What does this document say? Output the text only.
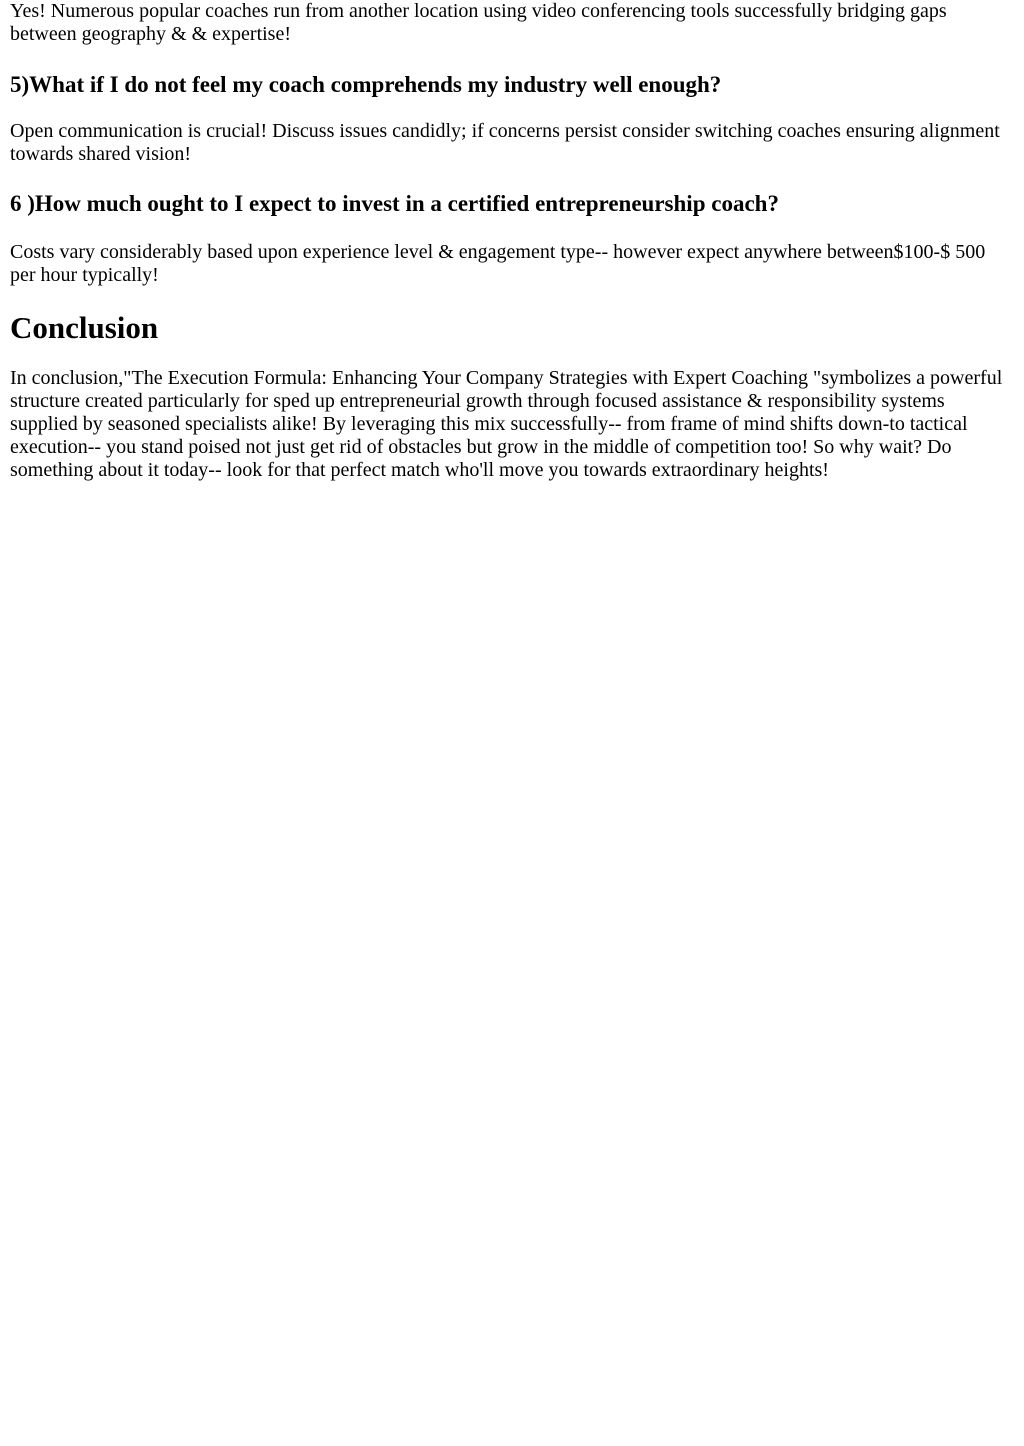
Yes! Numerous popular coaches run from another location using video conferencing tools successfully bridging gaps between geography & & expertise!

5)What if I do not feel my coach comprehends my industry well enough?

Open communication is crucial! Discuss issues candidly; if concerns persist consider switching coaches ensuring alignment towards shared vision!

6 )How much ought to I expect to invest in a certified entrepreneurship coach?

Costs vary considerably based upon experience level & engagement type-- however expect anywhere between$100-$ 500 per hour typically!

Conclusion

In conclusion,"The Execution Formula: Enhancing Your Company Strategies with Expert Coaching "symbolizes a powerful structure created particularly for sped up entrepreneurial growth through focused assistance & responsibility systems supplied by seasoned specialists alike! By leveraging this mix successfully-- from frame of mind shifts down-to tactical execution-- you stand poised not just get rid of obstacles but grow in the middle of competition too! So why wait? Do something about it today-- look for that perfect match who'll move you towards extraordinary heights!
